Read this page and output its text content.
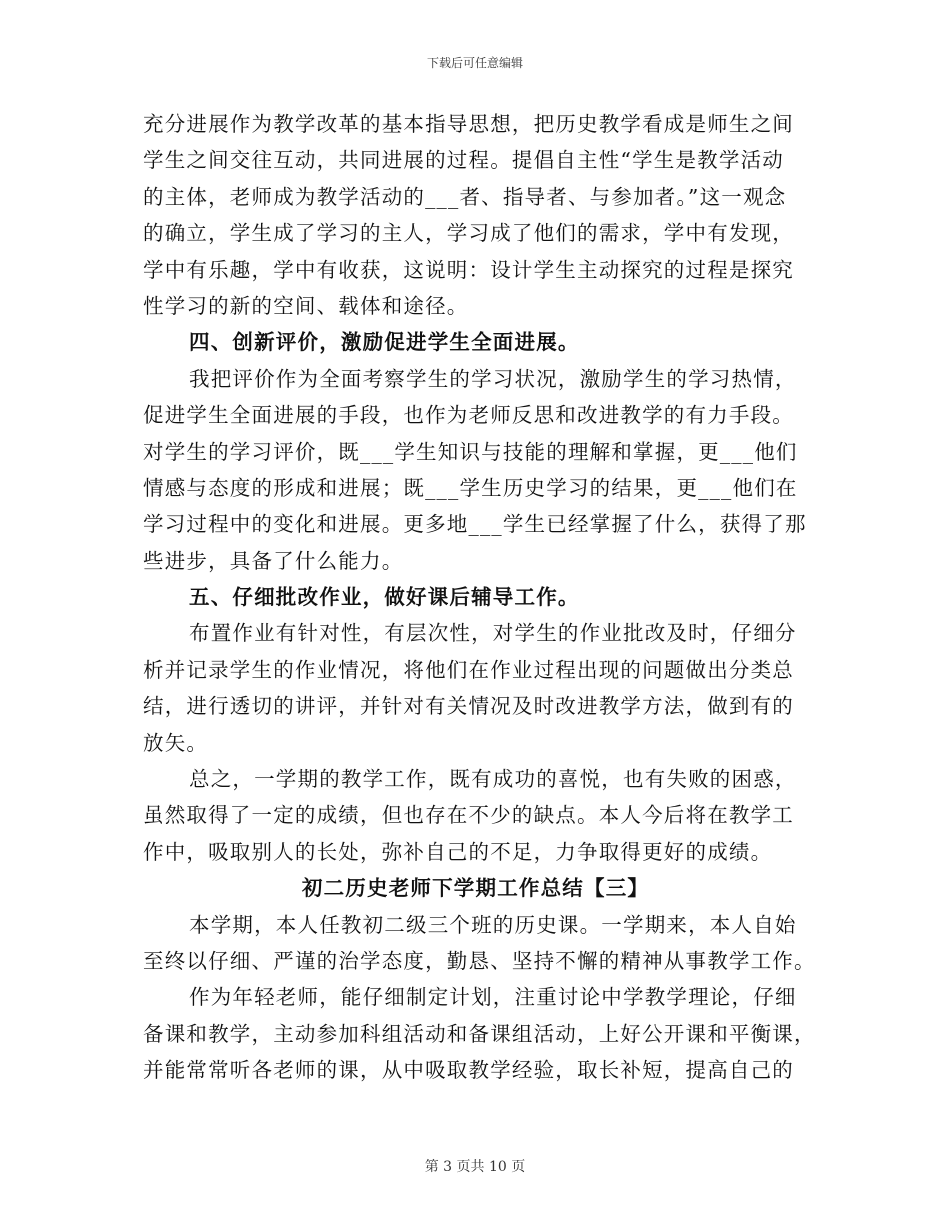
下载后可任意编辑
充分进展作为教学改革的基本指导思想，把历史教学看成是师生之间
学生之间交往互动，共同进展的过程。提倡自主性“学生是教学活动
的主体，老师成为教学活动的___者、指导者、与参加者。”这一观念
的确立，学生成了学习的主人，学习成了他们的需求，学中有发现，
学中有乐趣，学中有收获，这说明：设计学生主动探究的过程是探究
性学习的新的空间、载体和途径。
四、创新评价，激励促进学生全面进展。
我把评价作为全面考察学生的学习状况，激励学生的学习热情，
促进学生全面进展的手段，也作为老师反思和改进教学的有力手段。
对学生的学习评价，既___学生知识与技能的理解和掌握，更___他们
情感与态度的形成和进展；既___学生历史学习的结果，更___他们在
学习过程中的变化和进展。更多地___学生已经掌握了什么，获得了那
些进步，具备了什么能力。
五、仔细批改作业，做好课后辅导工作。
布置作业有针对性，有层次性，对学生的作业批改及时，仔细分
析并记录学生的作业情况，将他们在作业过程出现的问题做出分类总
结，进行透切的讲评，并针对有关情况及时改进教学方法，做到有的
放矢。
总之，一学期的教学工作，既有成功的喜悦，也有失败的困惑，
虽然取得了一定的成绩，但也存在不少的缺点。本人今后将在教学工
作中，吸取别人的长处，弥补自己的不足，力争取得更好的成绩。
初二历史老师下学期工作总结【三】
本学期，本人任教初二级三个班的历史课。一学期来，本人自始
至终以仔细、严谨的治学态度，勤恳、坚持不懈的精神从事教学工作。
作为年轻老师，能仔细制定计划，注重讨论中学教学理论，仔细
备课和教学，主动参加科组活动和备课组活动，上好公开课和平衡课，
并能常常听各老师的课，从中吸取教学经验，取长补短，提高自己的
第 3 页共 10 页
